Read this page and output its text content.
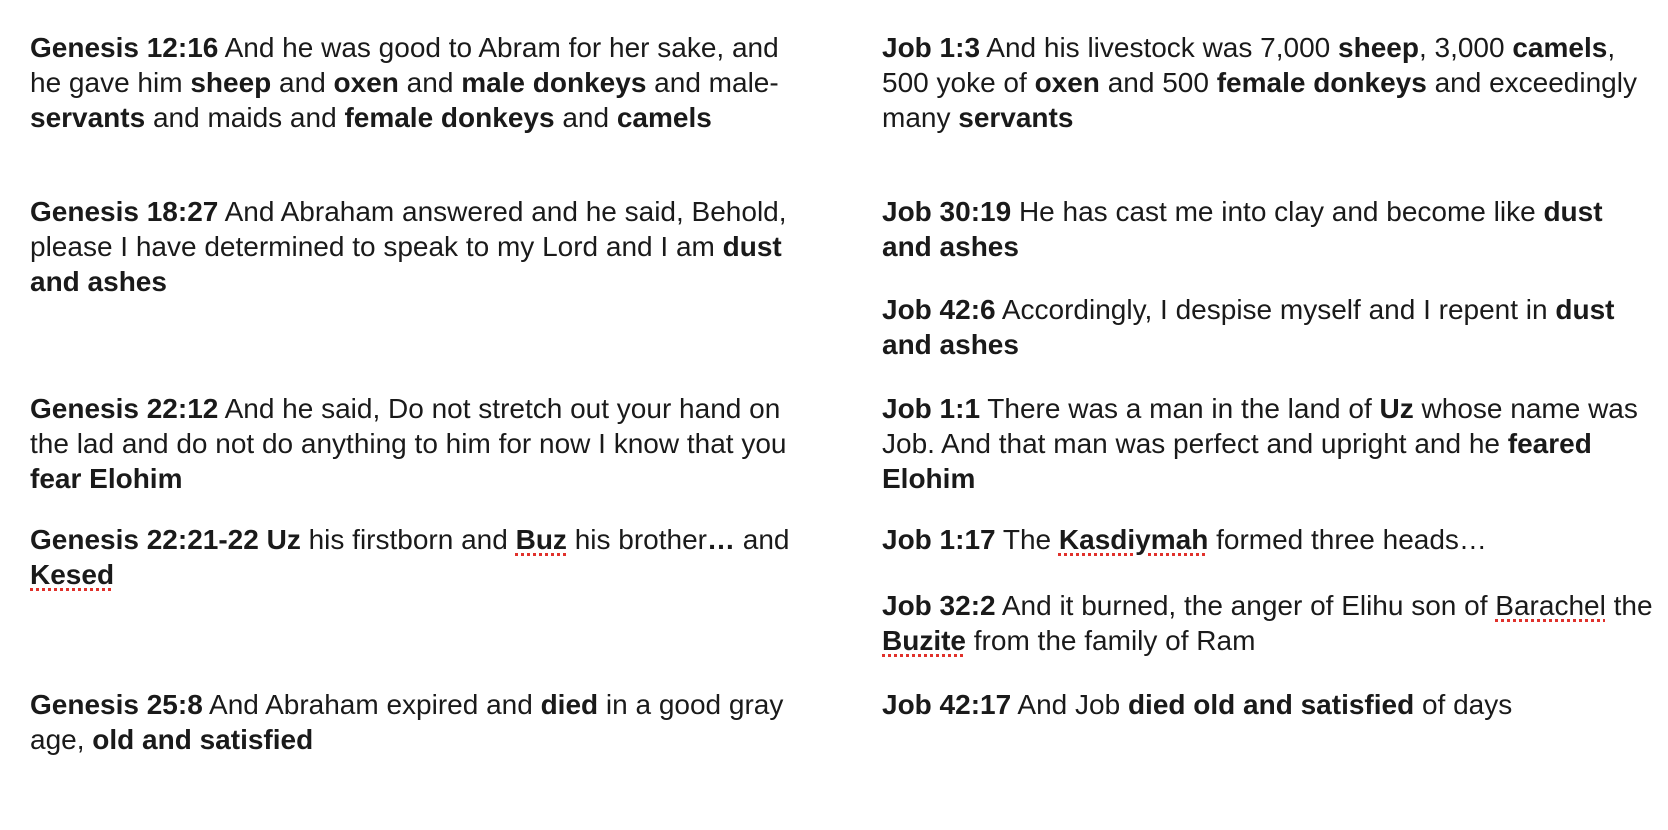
Genesis 12:16 And he was good to Abram for her sake, and he gave him sheep and oxen and male donkeys and male-servants and maids and female donkeys and camels

Genesis 18:27 And Abraham answered and he said, Behold, please I have determined to speak to my Lord and I am dust and ashes

Genesis 22:12 And he said, Do not stretch out your hand on the lad and do not do anything to him for now I know that you fear Elohim

Genesis 22:21-22 Uz his firstborn and Buz his brother… and Kesed

Genesis 25:8 And Abraham expired and died in a good gray age, old and satisfied

Job 1:3 And his livestock was 7,000 sheep, 3,000 camels, 500 yoke of oxen and 500 female donkeys and exceedingly many servants

Job 30:19 He has cast me into clay and become like dust and ashes

Job 42:6 Accordingly, I despise myself and I repent in dust and ashes

Job 1:1 There was a man in the land of Uz whose name was Job. And that man was perfect and upright and he feared Elohim

Job 1:17 The Kasdiymah formed three heads…

Job 32:2 And it burned, the anger of Elihu son of Barachel the Buzite from the family of Ram

Job 42:17 And Job died old and satisfied of days
